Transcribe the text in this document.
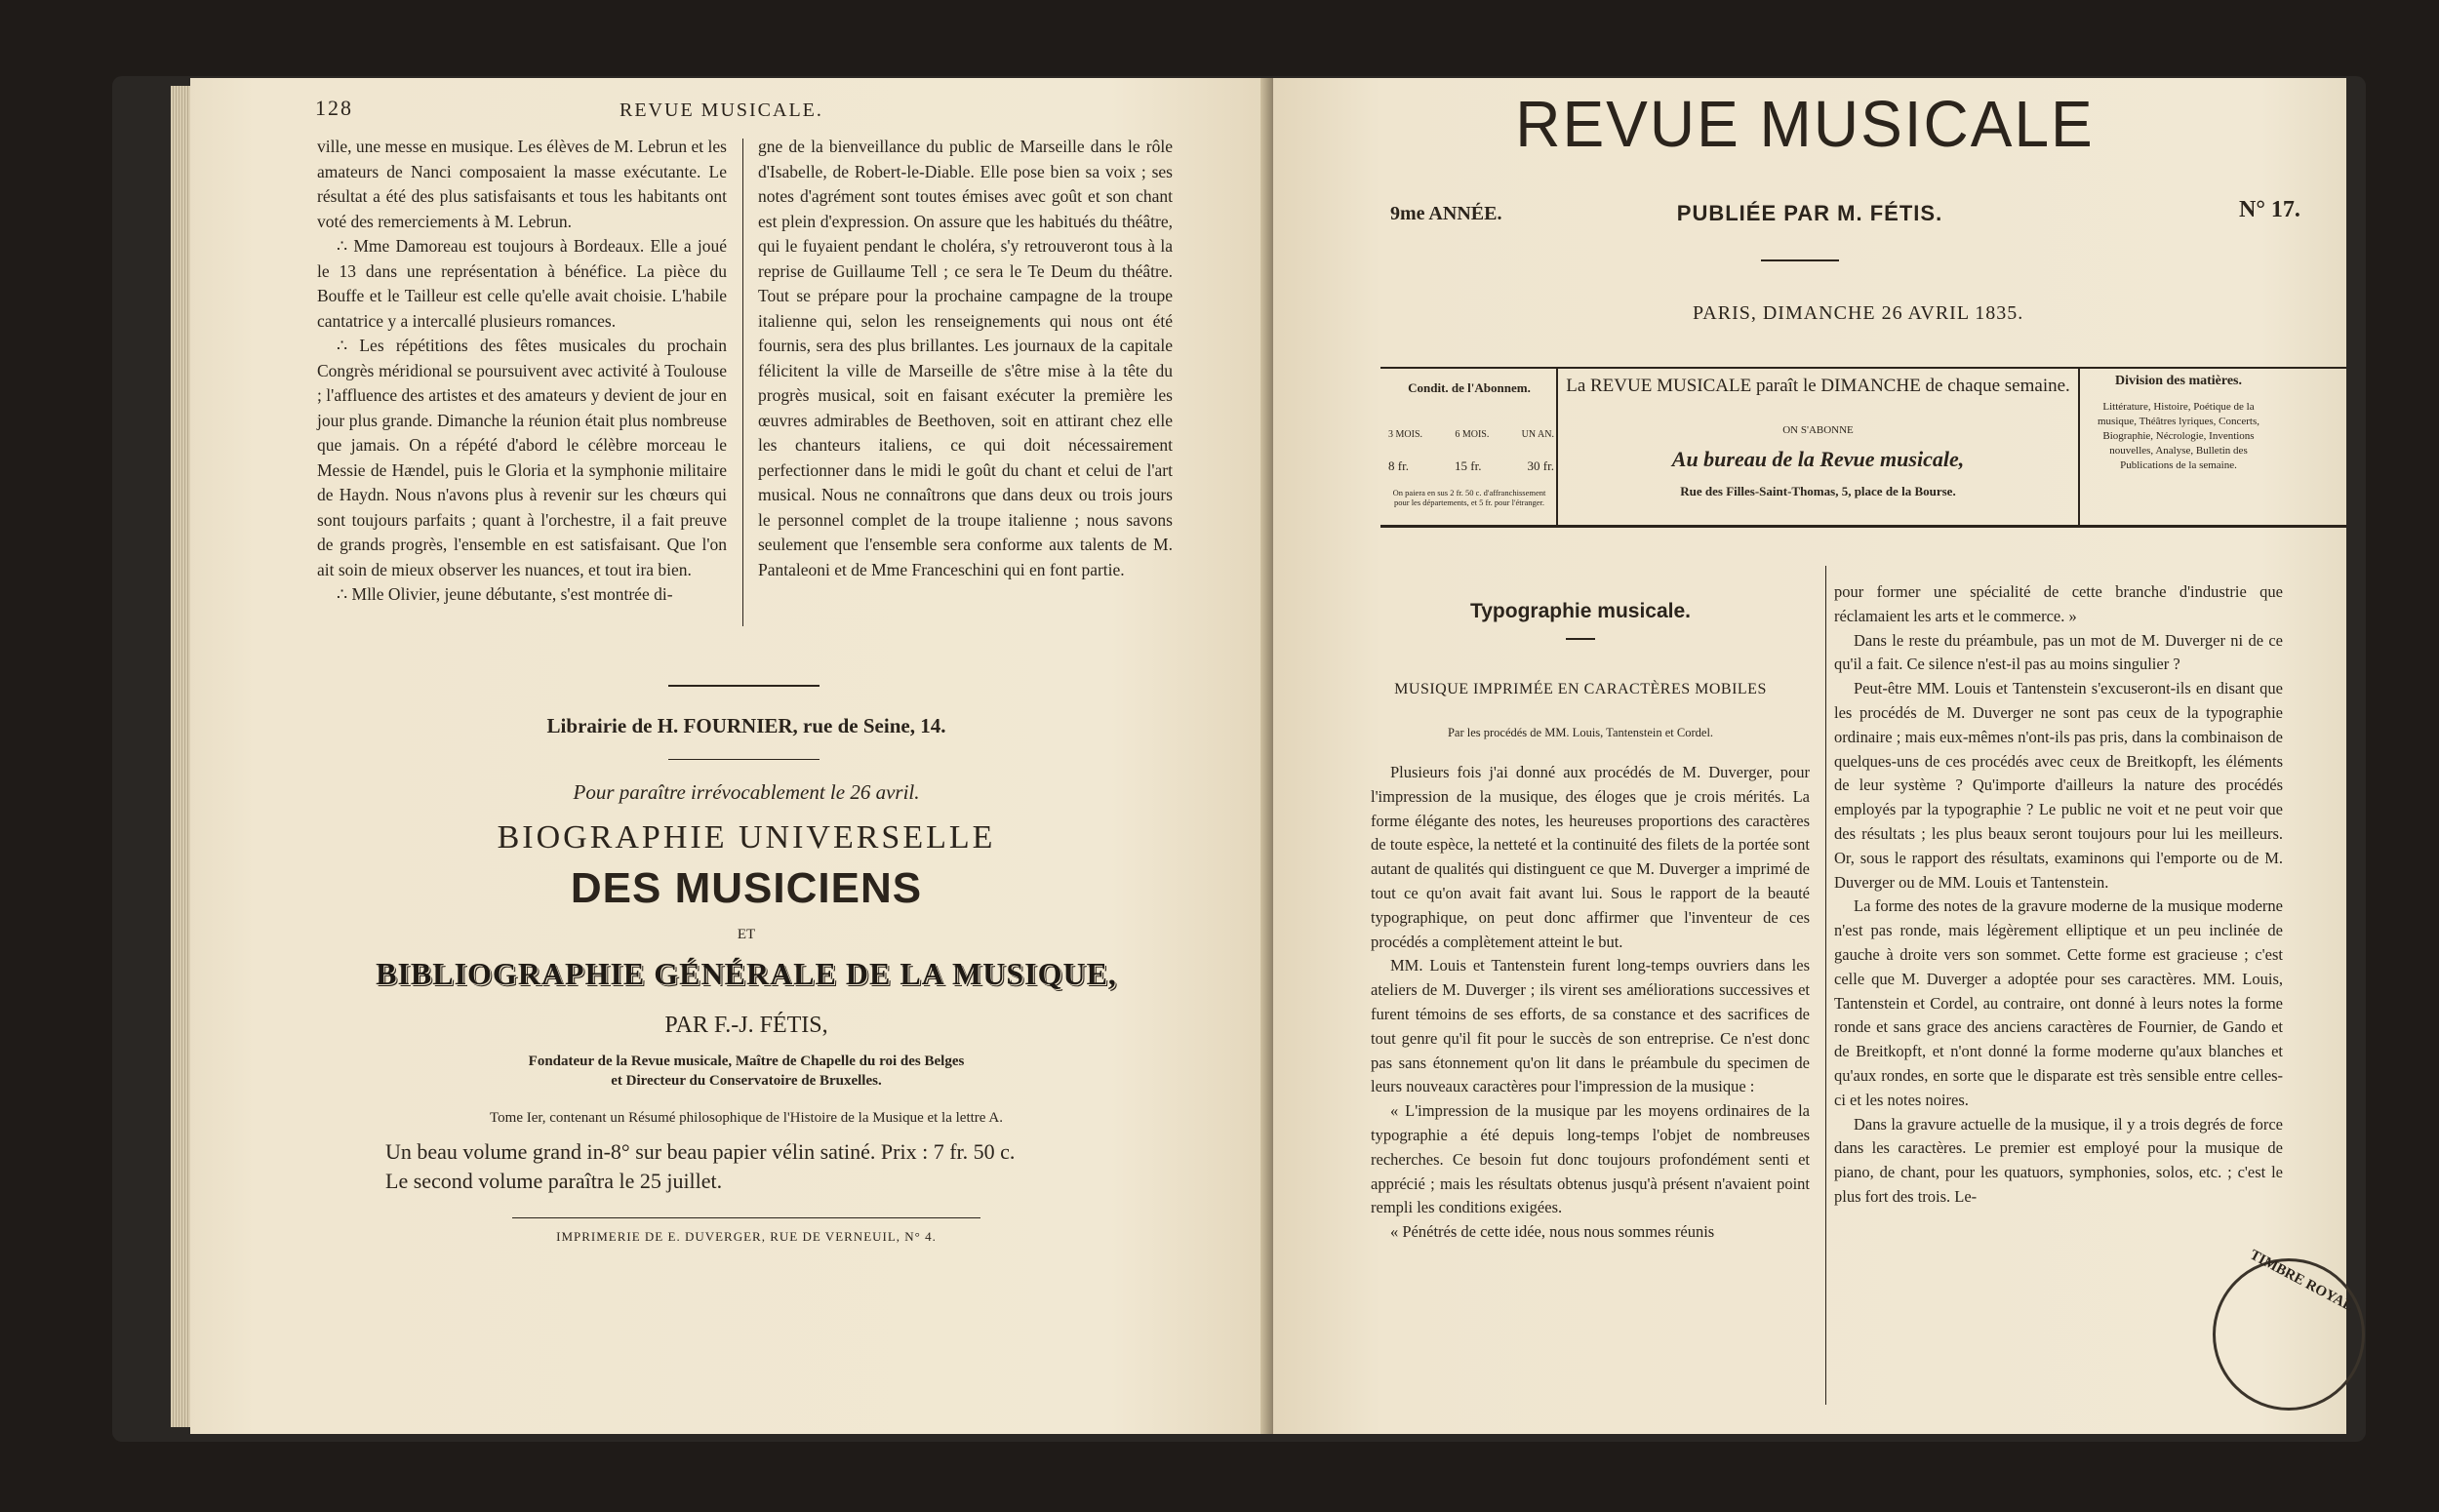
128	REVUE MUSICALE.

ville, une messe en musique. Les élèves de M. Lebrun et les amateurs de Nanci composaient la masse exécutante. Le résultat a été des plus satisfaisants et tous les habitants ont voté des remerciements à M. Lebrun.

∴ Mme Damoreau est toujours à Bordeaux. Elle a joué le 13 dans une représentation à bénéfice. La pièce du Bouffe et le Tailleur est celle qu'elle avait choisie. L'habile cantatrice y a intercallé plusieurs romances.

∴ Les répétitions des fêtes musicales du prochain Congrès méridional se poursuivent avec activité à Toulouse ; l'affluence des artistes et des amateurs y devient de jour en jour plus grande. Dimanche la réunion était plus nombreuse que jamais. On a répété d'abord le célèbre morceau le Messie de Hændel, puis le Gloria et la symphonie militaire de Haydn. Nous n'avons plus à revenir sur les chœurs qui sont toujours parfaits ; quant à l'orchestre, il a fait preuve de grands progrès, l'ensemble en est satisfaisant. Que l'on ait soin de mieux observer les nuances, et tout ira bien.

∴ Mlle Olivier, jeune débutante, s'est montrée di-

gne de la bienveillance du public de Marseille dans le rôle d'Isabelle, de Robert-le-Diable. Elle pose bien sa voix ; ses notes d'agrément sont toutes émises avec goût et son chant est plein d'expression. On assure que les habitués du théâtre, qui le fuyaient pendant le choléra, s'y retrouveront tous à la reprise de Guillaume Tell ; ce sera le Te Deum du théâtre. Tout se prépare pour la prochaine campagne de la troupe italienne qui, selon les renseignements qui nous ont été fournis, sera des plus brillantes. Les journaux de la capitale félicitent la ville de Marseille de s'être mise à la tête du progrès musical, soit en faisant exécuter la première les œuvres admirables de Beethoven, soit en attirant chez elle les chanteurs italiens, ce qui doit nécessairement perfectionner dans le midi le goût du chant et celui de l'art musical. Nous ne connaîtrons que dans deux ou trois jours le personnel complet de la troupe italienne ; nous savons seulement que l'ensemble sera conforme aux talents de M. Pantaleoni et de Mme Franceschini qui en font partie.

Librairie de H. FOURNIER, rue de Seine, 14.
Pour paraître irrévocablement le 26 avril.
BIOGRAPHIE UNIVERSELLE
DES MUSICIENS
ET
BIBLIOGRAPHIE GÉNÉRALE DE LA MUSIQUE,
PAR F.-J. FÉTIS,
Fondateur de la Revue musicale, Maître de Chapelle du roi des Belges
et Directeur du Conservatoire de Bruxelles.
Tome Ier, contenant un Résumé philosophique de l'Histoire de la Musique et la lettre A.
Un beau volume grand in-8° sur beau papier vélin satiné. Prix : 7 fr. 50 c.
Le second volume paraîtra le 25 juillet.
IMPRIMERIE DE E. DUVERGER, RUE DE VERNEUIL, N° 4.
REVUE MUSICALE
9me ANNÉE.	PUBLIÉE PAR M. FÉTIS.	N° 17.
PARIS, DIMANCHE 26 AVRIL 1835.
Condit. de l'Abonnem.
3 MOIS.	6 MOIS.	UN AN.
8 fr.	15 fr.	30 fr.
On paiera en sus 2 fr. 50 c. d'affranchissement pour les départements, et 5 fr. pour l'étranger.
La REVUE MUSICALE paraît le DIMANCHE de chaque semaine.
ON S'ABONNE
Au bureau de la Revue musicale,
Rue des Filles-Saint-Thomas, 5, place de la Bourse.
Division des matières.
Littérature, Histoire, Poétique de la musique, Théâtres lyriques, Concerts, Biographie, Nécrologie, Inventions nouvelles, Analyse, Bulletin des Publications de la semaine.
Typographie musicale.
MUSIQUE IMPRIMÉE EN CARACTÈRES MOBILES
Par les procédés de MM. Louis, Tantenstein et Cordel.

Plusieurs fois j'ai donné aux procédés de M. Duverger, pour l'impression de la musique, des éloges que je crois mérités. La forme élégante des notes, les heureuses proportions des caractères de toute espèce, la netteté et la continuité des filets de la portée sont autant de qualités qui distinguent ce que M. Duverger a imprimé de tout ce qu'on avait fait avant lui. Sous le rapport de la beauté typographique, on peut donc affirmer que l'inventeur de ces procédés a complètement atteint le but.

MM. Louis et Tantenstein furent long-temps ouvriers dans les ateliers de M. Duverger ; ils virent ses améliorations successives et furent témoins de ses efforts, de sa constance et des sacrifices de tout genre qu'il fit pour le succès de son entreprise. Ce n'est donc pas sans étonnement qu'on lit dans le préambule du specimen de leurs nouveaux caractères pour l'impression de la musique :

« L'impression de la musique par les moyens ordinaires de la typographie a été depuis long-temps l'objet de nombreuses recherches. Ce besoin fut donc toujours profondément senti et apprécié ; mais les résultats obtenus jusqu'à présent n'avaient point rempli les conditions exigées.

« Pénétrés de cette idée, nous nous sommes réunis

pour former une spécialité de cette branche d'industrie que réclamaient les arts et le commerce. »

Dans le reste du préambule, pas un mot de M. Duverger ni de ce qu'il a fait. Ce silence n'est-il pas au moins singulier ?

Peut-être MM. Louis et Tantenstein s'excuseront-ils en disant que les procédés de M. Duverger ne sont pas ceux de la typographie ordinaire ; mais eux-mêmes n'ont-ils pas pris, dans la combinaison de quelques-uns de ces procédés avec ceux de Breitkopft, les éléments de leur système ? Qu'importe d'ailleurs la nature des procédés employés par la typographie ? Le public ne voit et ne peut voir que des résultats ; les plus beaux seront toujours pour lui les meilleurs. Or, sous le rapport des résultats, examinons qui l'emporte ou de M. Duverger ou de MM. Louis et Tantenstein.

La forme des notes de la gravure moderne de la musique moderne n'est pas ronde, mais légèrement elliptique et un peu inclinée de gauche à droite vers son sommet. Cette forme est gracieuse ; c'est celle que M. Duverger a adoptée pour ses caractères. MM. Louis, Tantenstein et Cordel, au contraire, ont donné à leurs notes la forme ronde et sans grace des anciens caractères de Fournier, de Gando et de Breitkopft, et n'ont donné la forme moderne qu'aux blanches et qu'aux rondes, en sorte que le disparate est très sensible entre celles-ci et les notes noires.

Dans la gravure actuelle de la musique, il y a trois degrés de force dans les caractères. Le premier est employé pour la musique de piano, de chant, pour les quatuors, symphonies, solos, etc. ; c'est le plus fort des trois. Le-

TIMBRE ROYAL
